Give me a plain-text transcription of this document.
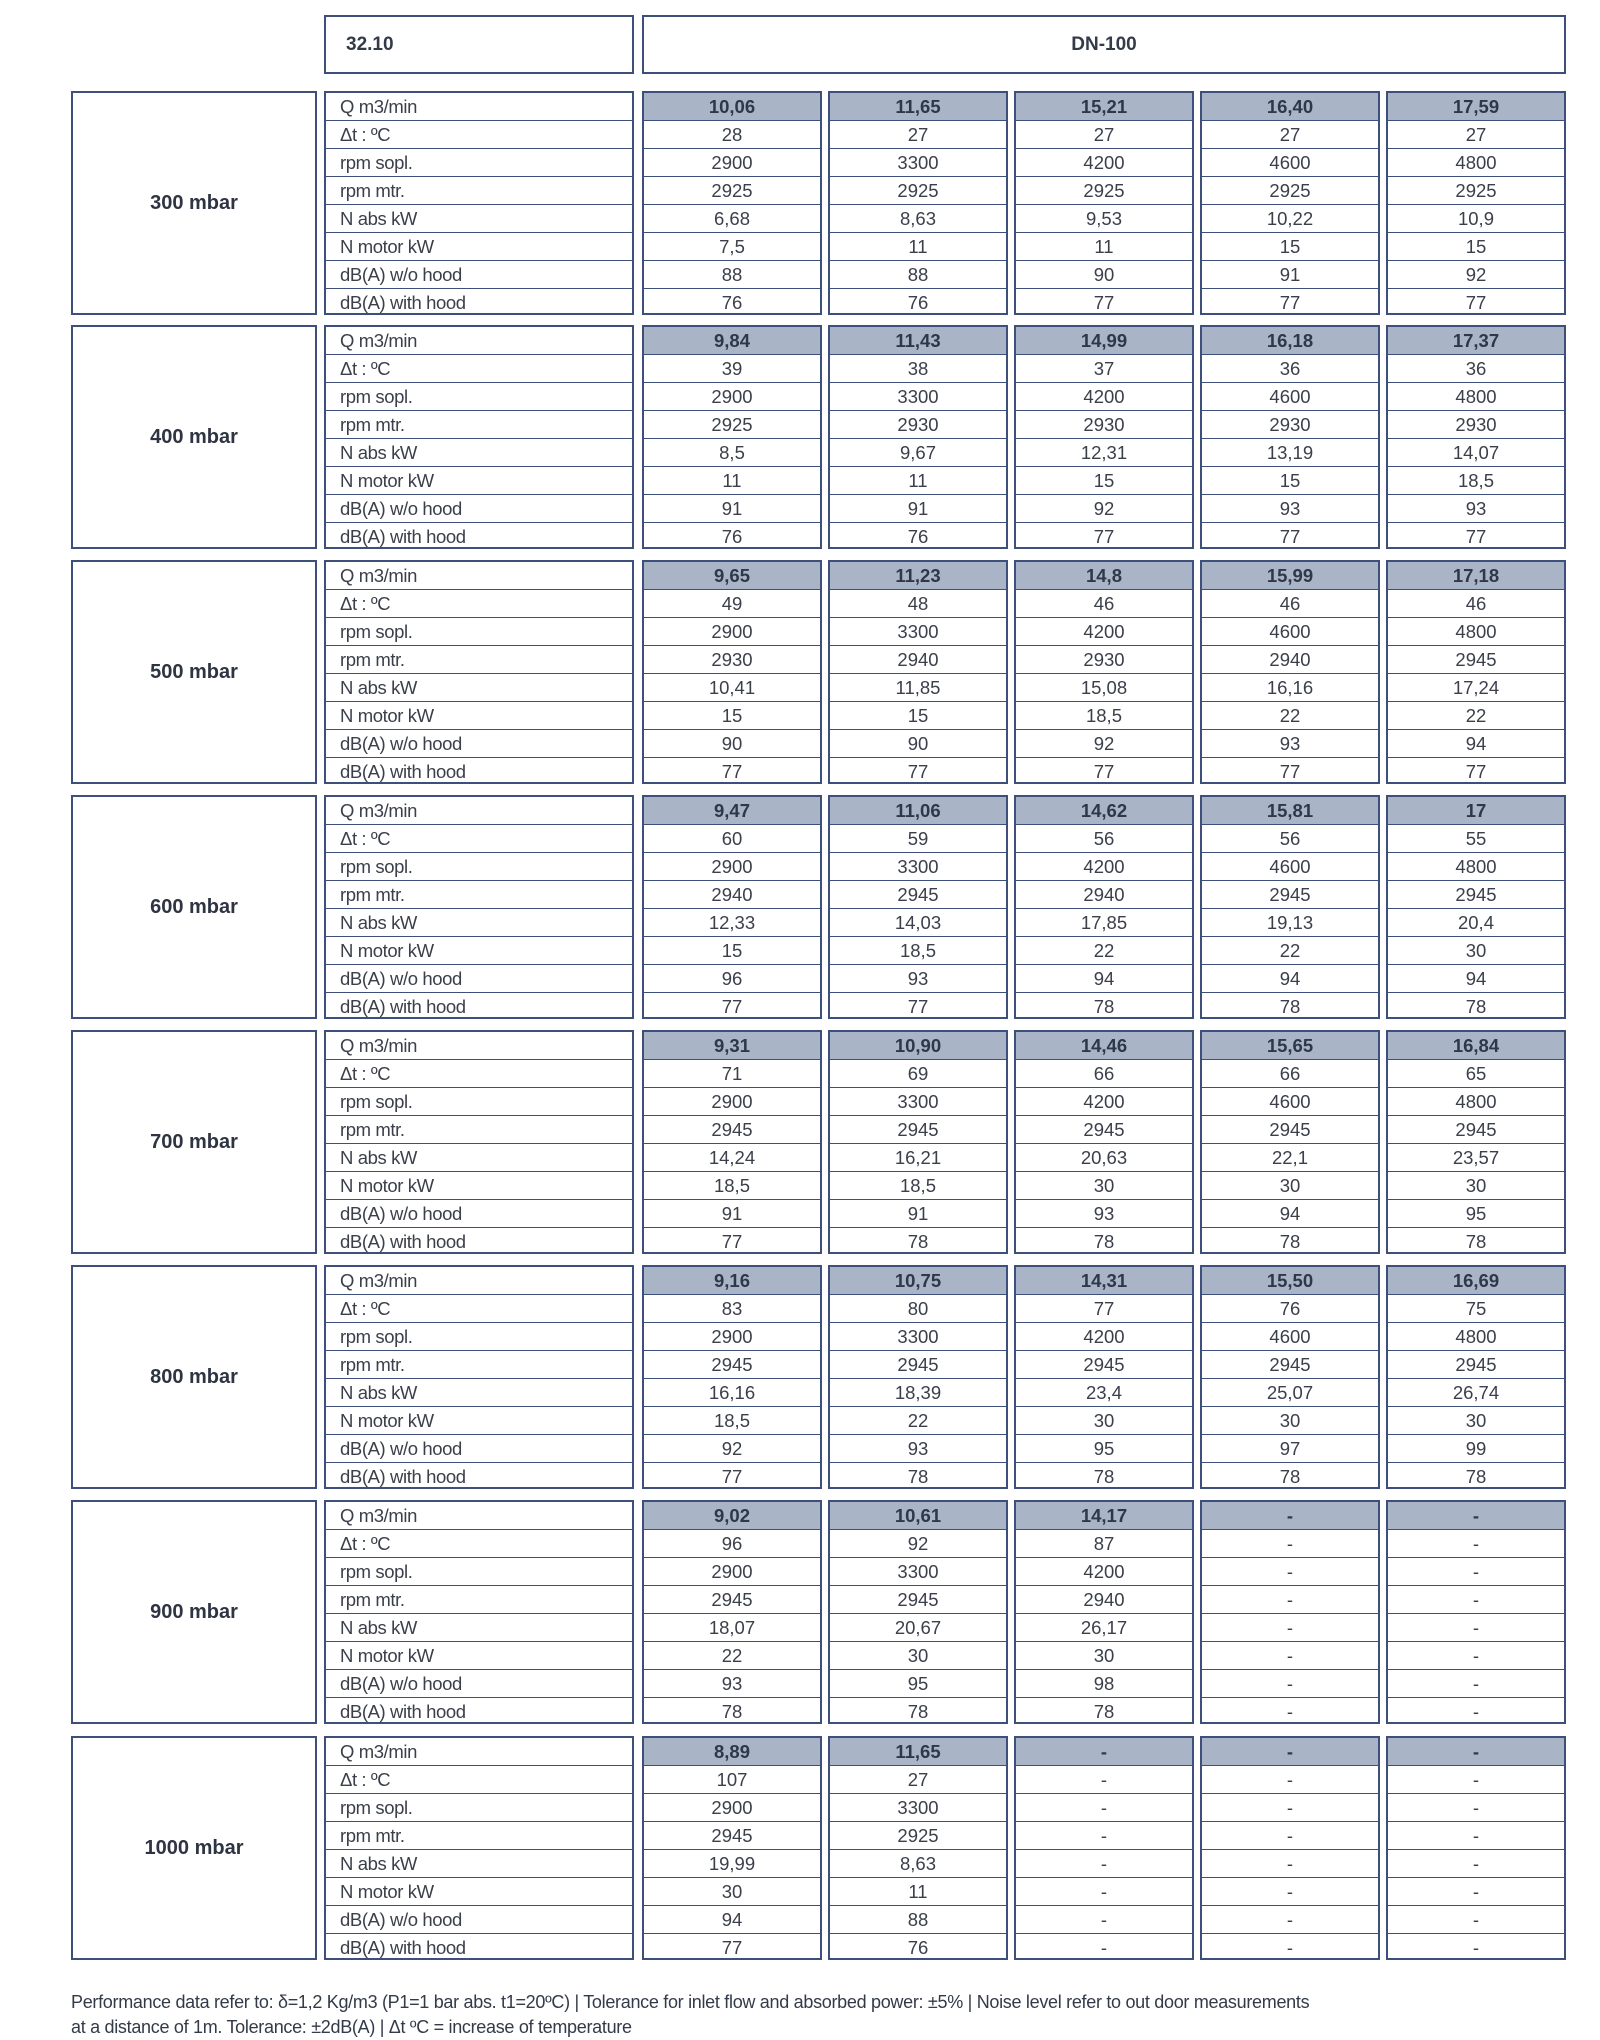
32.10	DN-100
300 mbar
Q m3/min
Δt : ºC
rpm sopl.
rpm mtr.
N abs kW
N motor kW
dB(A) w/o hood
dB(A) with hood
10,06
28
2900
2925
6,68
7,5
88
76
11,65
27
3300
2925
8,63
11
88
76
15,21
27
4200
2925
9,53
11
90
77
16,40
27
4600
2925
10,22
15
91
77
17,59
27
4800
2925
10,9
15
92
77
400 mbar
Q m3/min
Δt : ºC
rpm sopl.
rpm mtr.
N abs kW
N motor kW
dB(A) w/o hood
dB(A) with hood
9,84
39
2900
2925
8,5
11
91
76
11,43
38
3300
2930
9,67
11
91
76
14,99
37
4200
2930
12,31
15
92
77
16,18
36
4600
2930
13,19
15
93
77
17,37
36
4800
2930
14,07
18,5
93
77
500 mbar
Q m3/min
Δt : ºC
rpm sopl.
rpm mtr.
N abs kW
N motor kW
dB(A) w/o hood
dB(A) with hood
9,65
49
2900
2930
10,41
15
90
77
11,23
48
3300
2940
11,85
15
90
77
14,8
46
4200
2930
15,08
18,5
92
77
15,99
46
4600
2940
16,16
22
93
77
17,18
46
4800
2945
17,24
22
94
77
600 mbar
Q m3/min
Δt : ºC
rpm sopl.
rpm mtr.
N abs kW
N motor kW
dB(A) w/o hood
dB(A) with hood
9,47
60
2900
2940
12,33
15
96
77
11,06
59
3300
2945
14,03
18,5
93
77
14,62
56
4200
2940
17,85
22
94
78
15,81
56
4600
2945
19,13
22
94
78
17
55
4800
2945
20,4
30
94
78
700 mbar
Q m3/min
Δt : ºC
rpm sopl.
rpm mtr.
N abs kW
N motor kW
dB(A) w/o hood
dB(A) with hood
9,31
71
2900
2945
14,24
18,5
91
77
10,90
69
3300
2945
16,21
18,5
91
78
14,46
66
4200
2945
20,63
30
93
78
15,65
66
4600
2945
22,1
30
94
78
16,84
65
4800
2945
23,57
30
95
78
800 mbar
Q m3/min
Δt : ºC
rpm sopl.
rpm mtr.
N abs kW
N motor kW
dB(A) w/o hood
dB(A) with hood
9,16
83
2900
2945
16,16
18,5
92
77
10,75
80
3300
2945
18,39
22
93
78
14,31
77
4200
2945
23,4
30
95
78
15,50
76
4600
2945
25,07
30
97
78
16,69
75
4800
2945
26,74
30
99
78
900 mbar
Q m3/min
Δt : ºC
rpm sopl.
rpm mtr.
N abs kW
N motor kW
dB(A) w/o hood
dB(A) with hood
9,02
96
2900
2945
18,07
22
93
78
10,61
92
3300
2945
20,67
30
95
78
14,17
87
4200
2940
26,17
30
98
78
-
-
-
-
-
-
-
-
-
-
-
-
-
-
-
-
1000 mbar
Q m3/min
Δt : ºC
rpm sopl.
rpm mtr.
N abs kW
N motor kW
dB(A) w/o hood
dB(A) with hood
8,89
107
2900
2945
19,99
30
94
77
11,65
27
3300
2925
8,63
11
88
76
-
-
-
-
-
-
-
-
-
-
-
-
-
-
-
-
-
-
-
-
-
-
-
-
Performance data refer to: δ=1,2 Kg/m3 (P1=1 bar abs. t1=20ºC) | Tolerance for inlet flow and absorbed power: ±5% | Noise level refer to out door measurements
at a distance of 1m. Tolerance: ±2dB(A) | Δt ºC = increase of temperature
